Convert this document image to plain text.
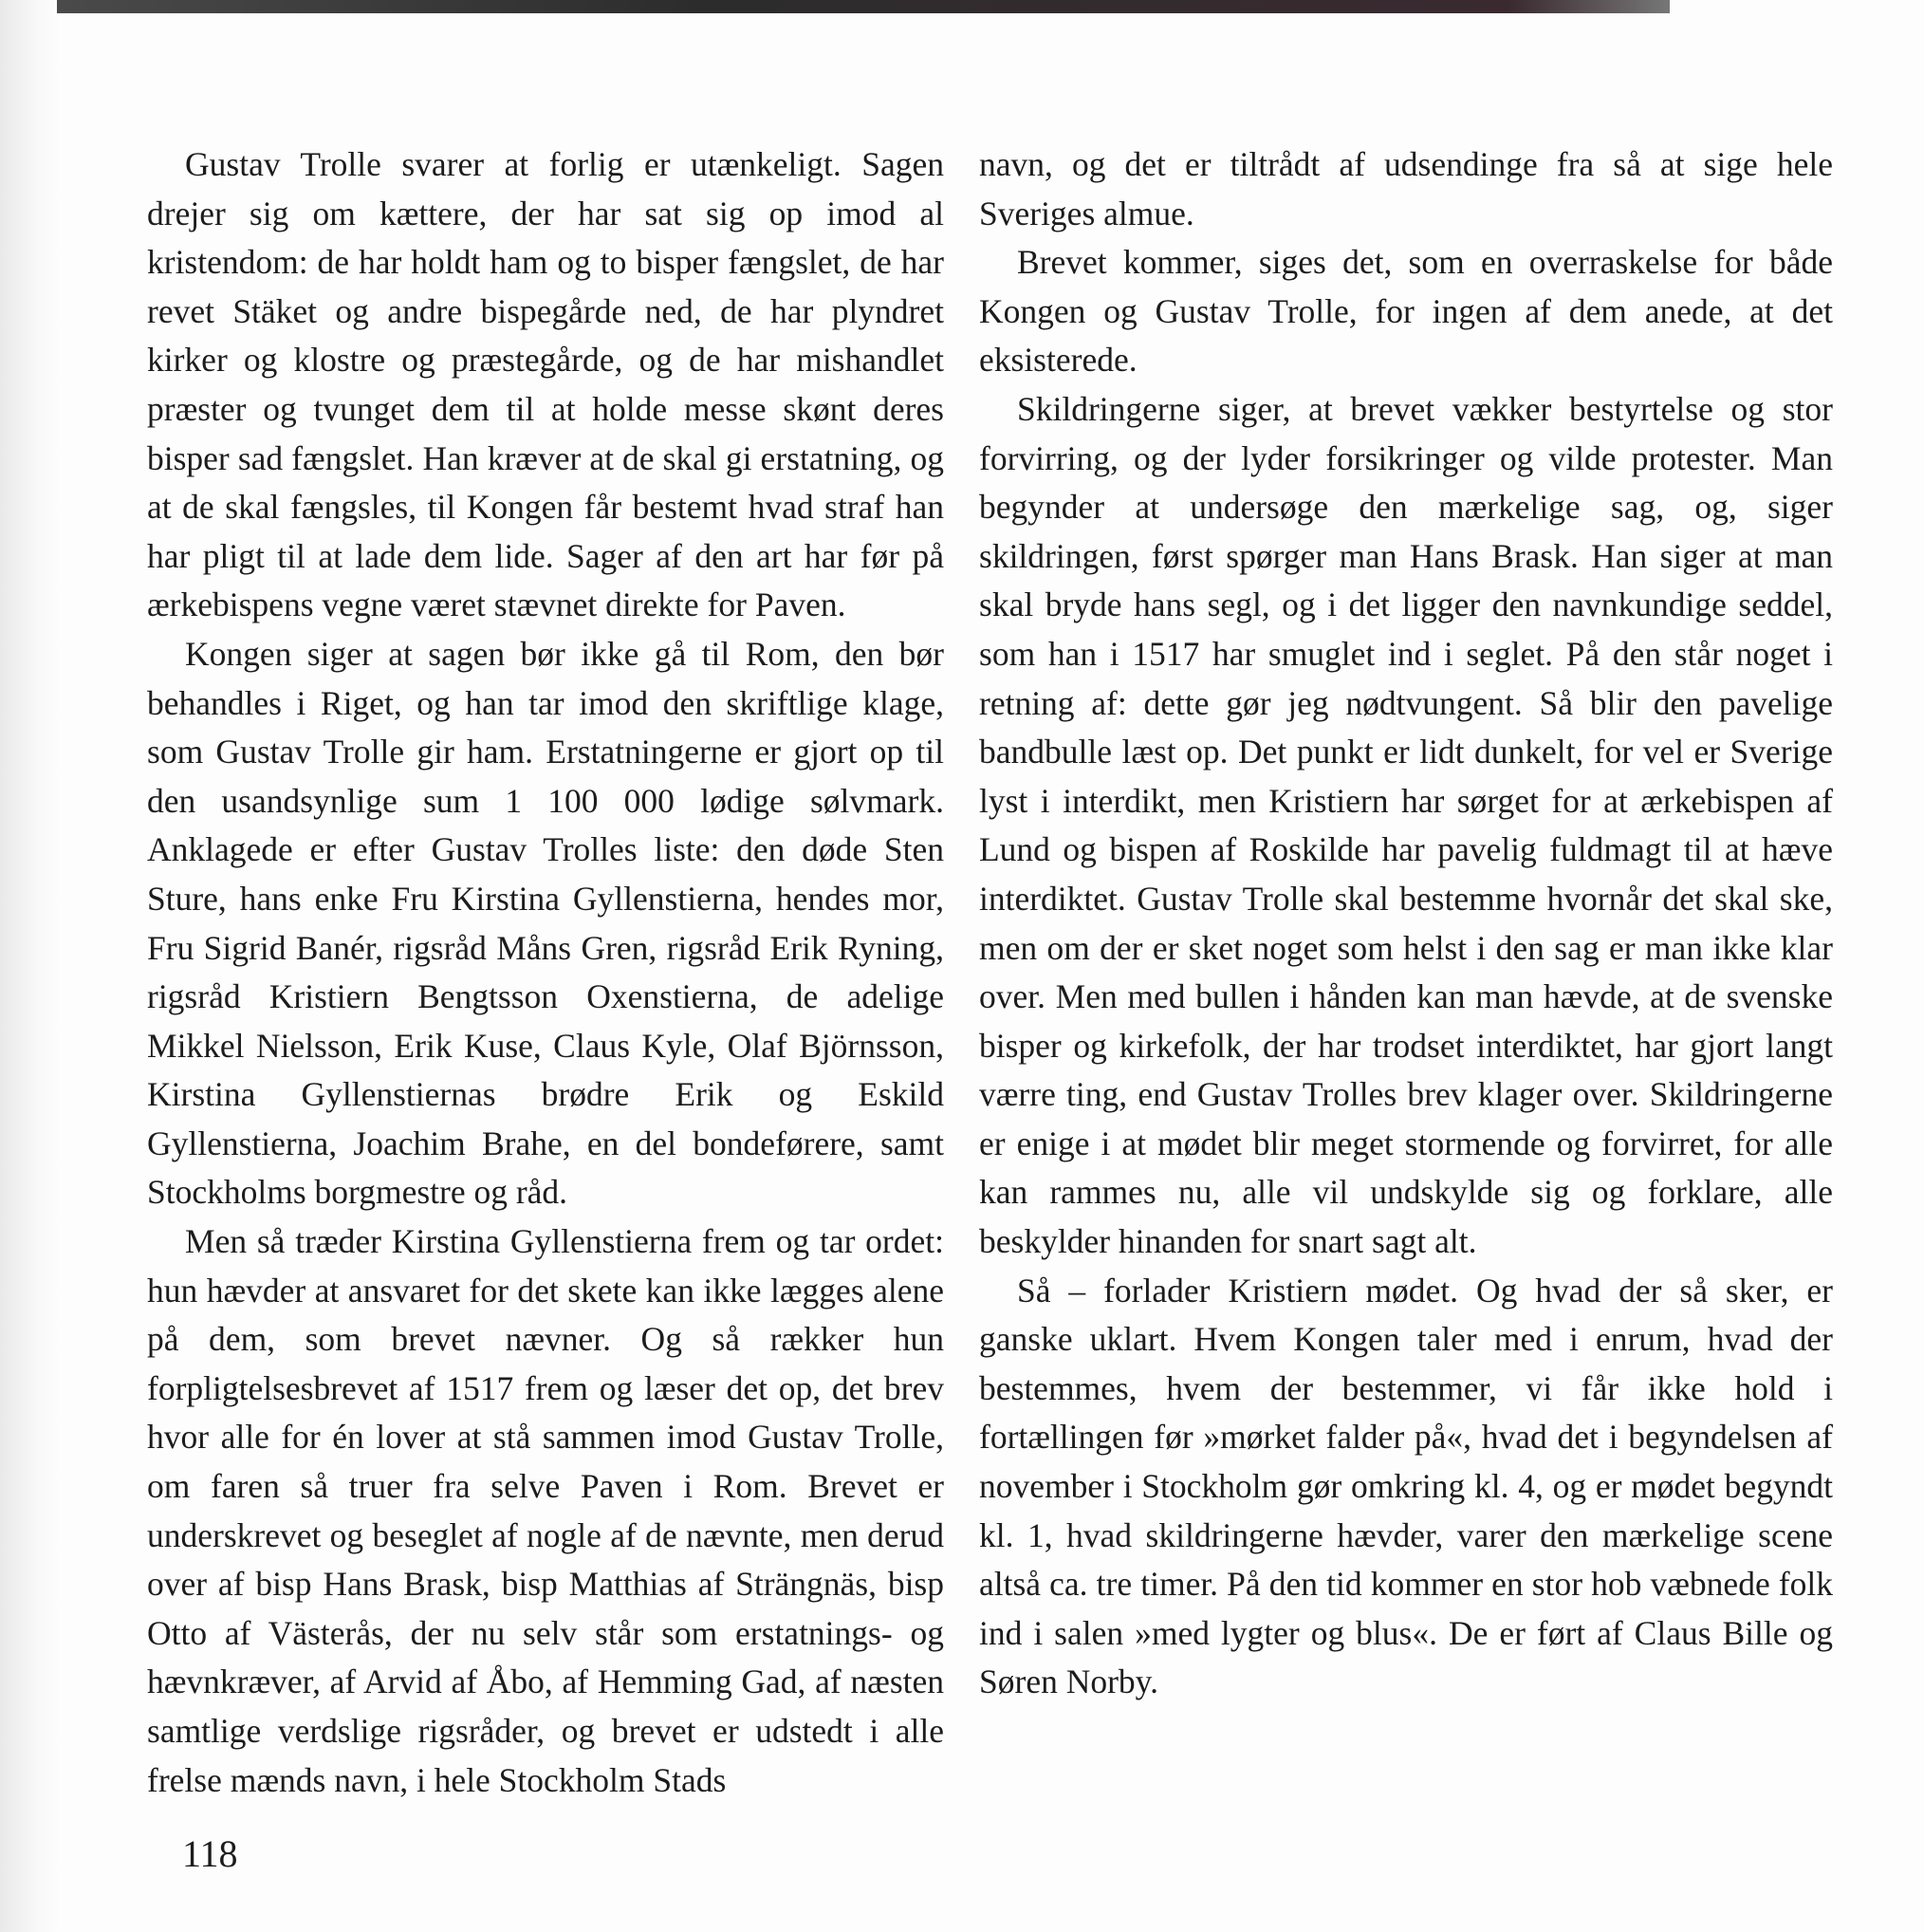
Gustav Trolle svarer at forlig er utænkeligt. Sagen drejer sig om kættere, der har sat sig op imod al kristendom: de har holdt ham og to bisper fængslet, de har revet Stäket og andre bispegårde ned, de har plyndret kirker og klostre og præstegårde, og de har mishandlet præster og tvunget dem til at holde messe skønt deres bisper sad fængslet. Han kræver at de skal gi erstatning, og at de skal fængsles, til Kongen får bestemt hvad straf han har pligt til at lade dem lide. Sager af den art har før på ærkebispens vegne været stævnet direkte for Paven.

Kongen siger at sagen bør ikke gå til Rom, den bør behandles i Riget, og han tar imod den skriftlige klage, som Gustav Trolle gir ham. Erstatningerne er gjort op til den usandsynlige sum 1 100 000 lødige sølvmark. Anklagede er efter Gustav Trolles liste: den døde Sten Sture, hans enke Fru Kirstina Gyllenstierna, hendes mor, Fru Sigrid Banér, rigsråd Måns Gren, rigsråd Erik Ryning, rigsråd Kristiern Bengtsson Oxenstierna, de adelige Mikkel Nielsson, Erik Kuse, Claus Kyle, Olaf Björnsson, Kirstina Gyllenstiernas brødre Erik og Eskild Gyllenstierna, Joachim Brahe, en del bondeførere, samt Stockholms borgmestre og råd.

Men så træder Kirstina Gyllenstierna frem og tar ordet: hun hævder at ansvaret for det skete kan ikke lægges alene på dem, som brevet nævner. Og så rækker hun forpligtelsesbrevet af 1517 frem og læser det op, det brev hvor alle for én lover at stå sammen imod Gustav Trolle, om faren så truer fra selve Paven i Rom. Brevet er underskrevet og beseglet af nogle af de nævnte, men derud over af bisp Hans Brask, bisp Matthias af Strängnäs, bisp Otto af Västerås, der nu selv står som erstatnings- og hævnkræver, af Arvid af Åbo, af Hemming Gad, af næsten samtlige verdslige rigsråder, og brevet er udstedt i alle frelse mænds navn, i hele Stockholm Stads

navn, og det er tiltrådt af udsendinge fra så at sige hele Sveriges almue.

Brevet kommer, siges det, som en overraskelse for både Kongen og Gustav Trolle, for ingen af dem anede, at det eksisterede.

Skildringerne siger, at brevet vækker bestyrtelse og stor forvirring, og der lyder forsikringer og vilde protester. Man begynder at undersøge den mærkelige sag, og, siger skildringen, først spørger man Hans Brask. Han siger at man skal bryde hans segl, og i det ligger den navnkundige seddel, som han i 1517 har smuglet ind i seglet. På den står noget i retning af: dette gør jeg nødtvungent. Så blir den pavelige bandbulle læst op. Det punkt er lidt dunkelt, for vel er Sverige lyst i interdikt, men Kristiern har sørget for at ærkebispen af Lund og bispen af Roskilde har pavelig fuldmagt til at hæve interdiktet. Gustav Trolle skal bestemme hvornår det skal ske, men om der er sket noget som helst i den sag er man ikke klar over. Men med bullen i hånden kan man hævde, at de svenske bisper og kirkefolk, der har trodset interdiktet, har gjort langt værre ting, end Gustav Trolles brev klager over. Skildringerne er enige i at mødet blir meget stormende og forvirret, for alle kan rammes nu, alle vil undskylde sig og forklare, alle beskylder hinanden for snart sagt alt.

Så – forlader Kristiern mødet. Og hvad der så sker, er ganske uklart. Hvem Kongen taler med i enrum, hvad der bestemmes, hvem der bestemmer, vi får ikke hold i fortællingen før »mørket falder på«, hvad det i begyndelsen af november i Stockholm gør omkring kl. 4, og er mødet begyndt kl. 1, hvad skildringerne hævder, varer den mærkelige scene altså ca. tre timer. På den tid kommer en stor hob væbnede folk ind i salen »med lygter og blus«. De er ført af Claus Bille og Søren Norby.

118
